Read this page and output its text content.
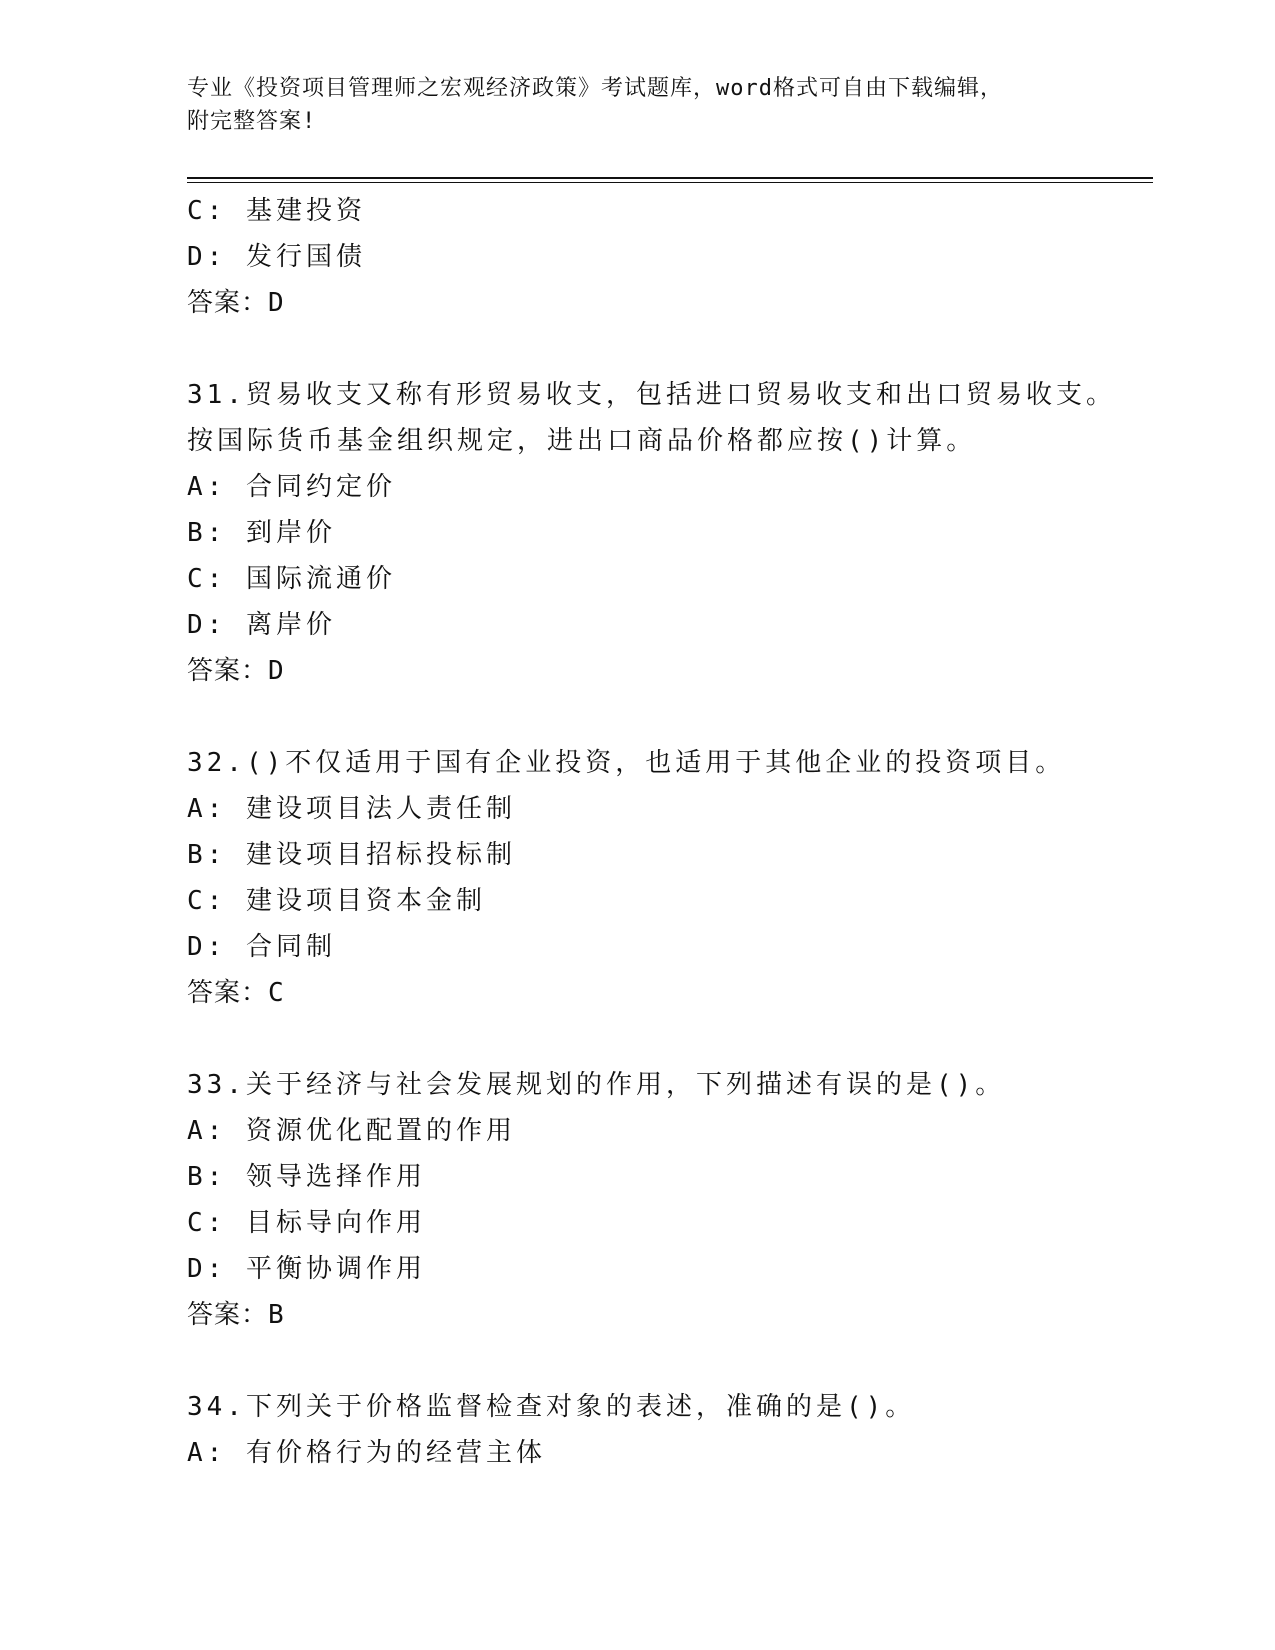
专业《投资项目管理师之宏观经济政策》考试题库，word格式可自由下载编辑，
附完整答案!
C: 基建投资
D: 发行国债
答案：D
31.贸易收支又称有形贸易收支，包括进口贸易收支和出口贸易收支。
按国际货币基金组织规定，进出口商品价格都应按()计算。
A: 合同约定价
B: 到岸价
C: 国际流通价
D: 离岸价
答案：D
32.()不仅适用于国有企业投资，也适用于其他企业的投资项目。
A: 建设项目法人责任制
B: 建设项目招标投标制
C: 建设项目资本金制
D: 合同制
答案：C
33.关于经济与社会发展规划的作用，下列描述有误的是()。
A: 资源优化配置的作用
B: 领导选择作用
C: 目标导向作用
D: 平衡协调作用
答案：B
34.下列关于价格监督检查对象的表述，准确的是()。
A: 有价格行为的经营主体
